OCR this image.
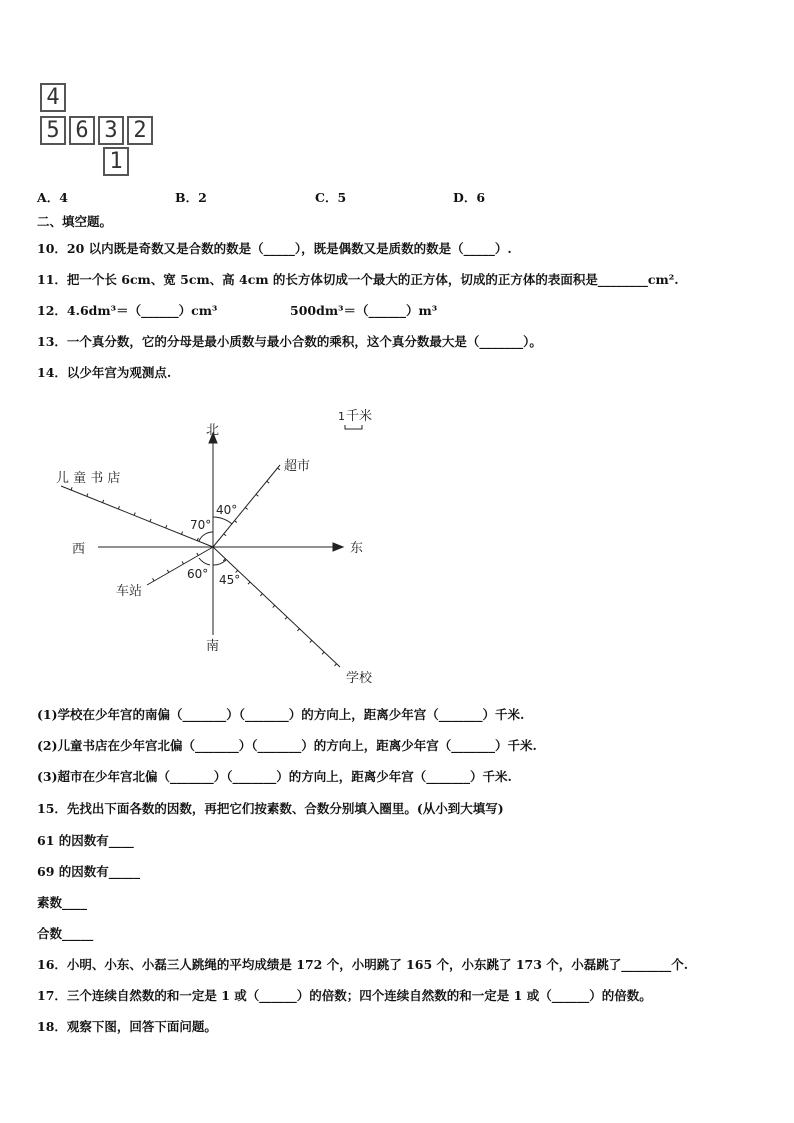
4
5 6 3 2
1
A．4	B．2	C．5	D．6
二、填空题。
10．20 以内既是奇数又是合数的数是（_____），既是偶数又是质数的数是（_____）.
11．把一个长 6cm、宽 5cm、高 4cm 的长方体切成一个最大的正方体，切成的正方体的表面积是________cm².
12．4.6dm³＝（______）cm³	500dm³＝（______）m³
13．一个真分数，它的分母是最小质数与最小合数的乘积，这个真分数最大是（_______）。
14．以少年宫为观测点.
北
南
东
西
儿 童 书 店
超市
车站
学校
1 千米
70°
40°
60° 45°
(1)学校在少年宫的南偏（_______）（_______）的方向上，距离少年宫（_______）千米.
(2)儿童书店在少年宫北偏（_______）（_______）的方向上，距离少年宫（_______）千米.
(3)超市在少年宫北偏（_______）（_______）的方向上，距离少年宫（_______）千米.
15．先找出下面各数的因数，再把它们按素数、合数分别填入圈里。(从小到大填写)
61 的因数有____
69 的因数有_____
素数____
合数_____
16．小明、小东、小磊三人跳绳的平均成绩是 172 个，小明跳了 165 个，小东跳了 173 个，小磊跳了________个.
17．三个连续自然数的和一定是 1 或（______）的倍数；四个连续自然数的和一定是 1 或（______）的倍数。
18．观察下图，回答下面问题。
